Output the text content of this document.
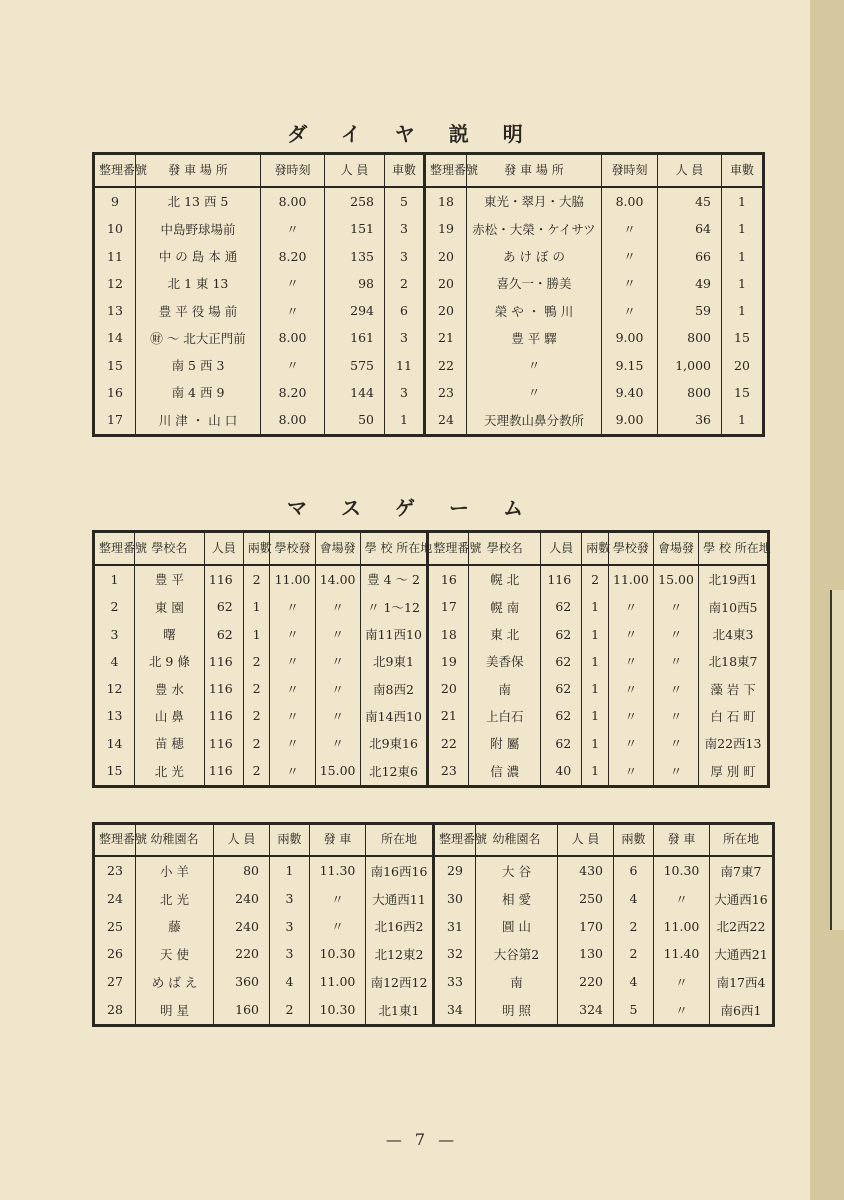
ダイヤ説明
整理番號	發 車 場 所	發時刻	人 員	車數	整理番號	發 車 場 所	發時刻	人 員	車數
9	北 13 西 5	8.00	258	5	18	東光・翠月・大脇	8.00	45	1
10	中島野球場前	〃	151	3	19	赤松・大榮・ケイサツ	〃	64	1
11	中 の 島 本 通	8.20	135	3	20	あ け ぼ の	〃	66	1
12	北 1 東 13	〃	98	2	20	喜久一・勝美	〃	49	1
13	豊 平 役 場 前	〃	294	6	20	榮 や ・ 鴨 川	〃	59	1
14	㊖ ～ 北大正門前	8.00	161	3	21	豊 平 驛	9.00	800	15
15	南 5 西 3	〃	575	11	22	〃	9.15	1,000	20
16	南 4 西 9	8.20	144	3	23	〃	9.40	800	15
17	川 津 ・ 山 口	8.00	50	1	24	天理教山鼻分教所	9.00	36	1
マスゲーム
整理番號	學校名	人員	兩數	學校發	會場發	學 校 所在地	整理番號	學校名	人員	兩數	學校發	會場發	學 校 所在地
1	豊 平	116	2	11.00	14.00	豊 4 ～ 2	16	幌 北	116	2	11.00	15.00	北19西1
2	東 園	62	1	〃	〃	〃 1～12	17	幌 南	62	1	〃	〃	南10西5
3	曙	62	1	〃	〃	南11西10	18	東 北	62	1	〃	〃	北4東3
4	北 9 條	116	2	〃	〃	北9東1	19	美香保	62	1	〃	〃	北18東7
12	豊 水	116	2	〃	〃	南8西2	20	南	62	1	〃	〃	藻 岩 下
13	山 鼻	116	2	〃	〃	南14西10	21	上白石	62	1	〃	〃	白 石 町
14	苗 穂	116	2	〃	〃	北9東16	22	附 屬	62	1	〃	〃	南22西13
15	北 光	116	2	〃	15.00	北12東6	23	信 濃	40	1	〃	〃	厚 別 町
整理番號	幼稚園名	人 員	兩數	發 車	所在地	整理番號	幼稚園名	人 員	兩數	發 車	所在地
23	小 羊	80	1	11.30	南16西16	29	大 谷	430	6	10.30	南7東7
24	北 光	240	3	〃	大通西11	30	相 愛	250	4	〃	大通西16
25	藤	240	3	〃	北16西2	31	圓 山	170	2	11.00	北2西22
26	天 使	220	3	10.30	北12東2	32	大谷第2	130	2	11.40	大通西21
27	め ば え	360	4	11.00	南12西12	33	南	220	4	〃	南17西4
28	明 星	160	2	10.30	北1東1	34	明 照	324	5	〃	南6西1
— 7 —
